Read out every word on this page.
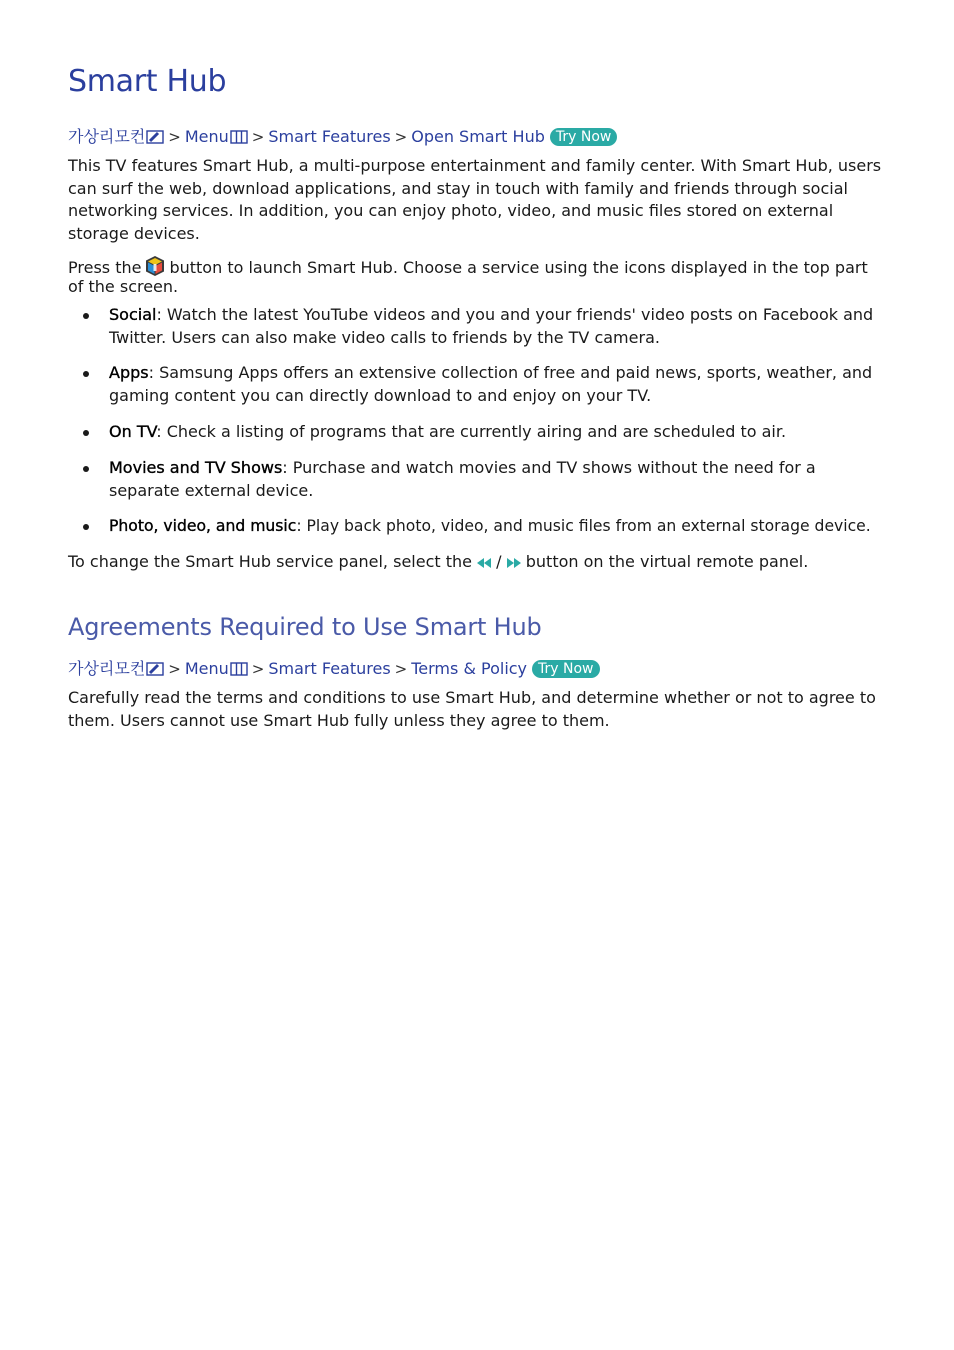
Smart Hub
가상리모컨 > Menu > Smart Features > Open Smart Hub Try Now

This TV features Smart Hub, a multi-purpose entertainment and family center. With Smart Hub, users can surf the web, download applications, and stay in touch with family and friends through social networking services. In addition, you can enjoy photo, video, and music files stored on external storage devices.

Press the button to launch Smart Hub. Choose a service using the icons displayed in the top part of the screen.

Social: Watch the latest YouTube videos and you and your friends' video posts on Facebook and Twitter. Users can also make video calls to friends by the TV camera.
Apps: Samsung Apps offers an extensive collection of free and paid news, sports, weather, and gaming content you can directly download to and enjoy on your TV.
On TV: Check a listing of programs that are currently airing and are scheduled to air.
Movies and TV Shows: Purchase and watch movies and TV shows without the need for a separate external device.
Photo, video, and music: Play back photo, video, and music files from an external storage device.

To change the Smart Hub service panel, select the / button on the virtual remote panel.

Agreements Required to Use Smart Hub
가상리모컨 > Menu > Smart Features > Terms & Policy Try Now

Carefully read the terms and conditions to use Smart Hub, and determine whether or not to agree to them. Users cannot use Smart Hub fully unless they agree to them.
